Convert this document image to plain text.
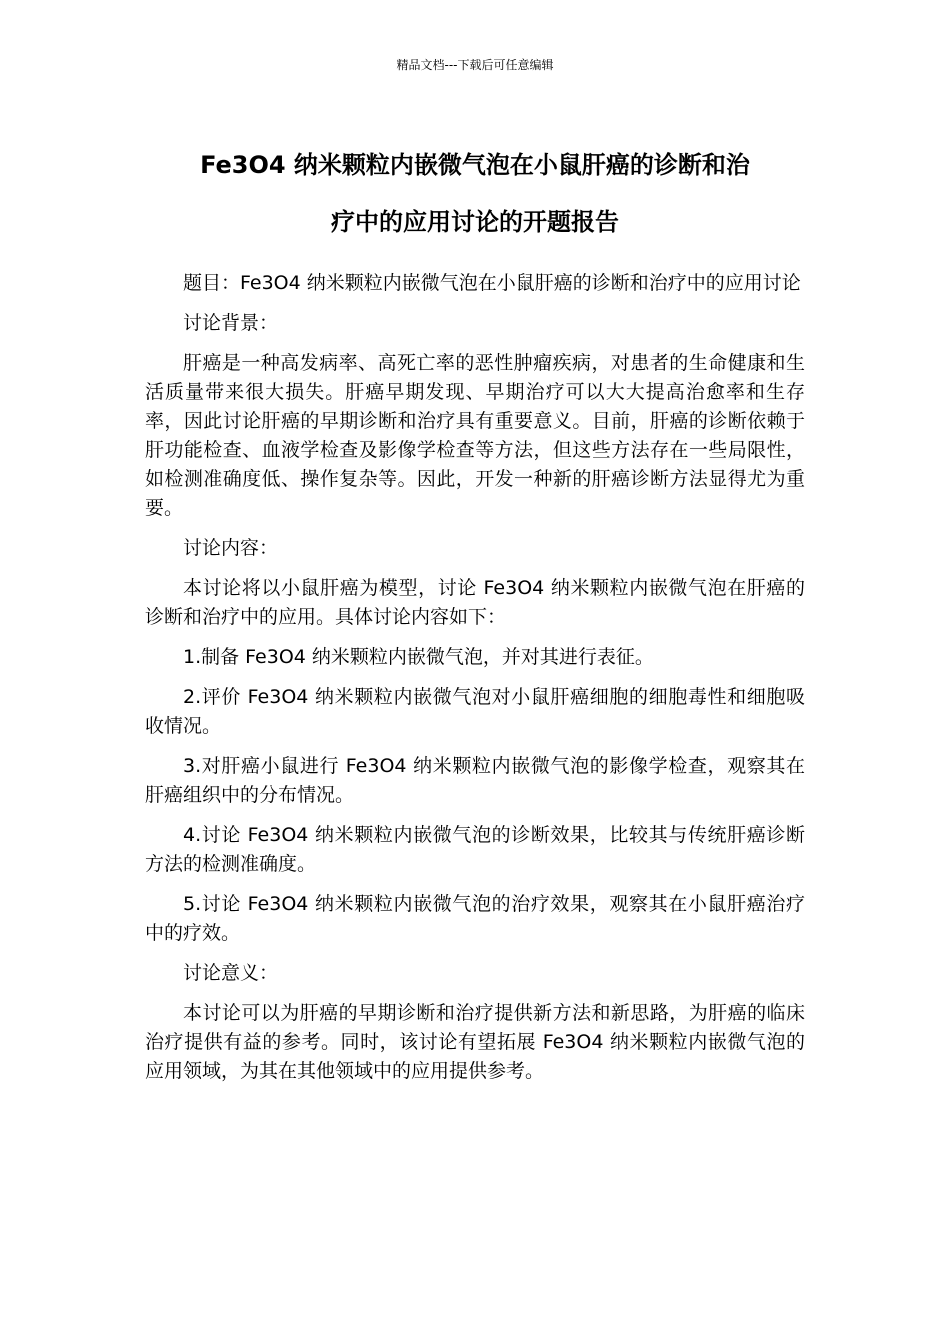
精品文档---下载后可任意编辑
Fe3O4 纳米颗粒内嵌微气泡在小鼠肝癌的诊断和治
疗中的应用讨论的开题报告

题目：Fe3O4 纳米颗粒内嵌微气泡在小鼠肝癌的诊断和治疗中的应用讨论

讨论背景：

肝癌是一种高发病率、高死亡率的恶性肿瘤疾病，对患者的生命健康和生活质量带来很大损失。肝癌早期发现、早期治疗可以大大提高治愈率和生存率，因此讨论肝癌的早期诊断和治疗具有重要意义。目前，肝癌的诊断依赖于肝功能检查、血液学检查及影像学检查等方法，但这些方法存在一些局限性，如检测准确度低、操作复杂等。因此，开发一种新的肝癌诊断方法显得尤为重要。

讨论内容：

本讨论将以小鼠肝癌为模型，讨论 Fe3O4 纳米颗粒内嵌微气泡在肝癌的诊断和治疗中的应用。具体讨论内容如下：

1.制备 Fe3O4 纳米颗粒内嵌微气泡，并对其进行表征。

2.评价 Fe3O4 纳米颗粒内嵌微气泡对小鼠肝癌细胞的细胞毒性和细胞吸收情况。

3.对肝癌小鼠进行 Fe3O4 纳米颗粒内嵌微气泡的影像学检查，观察其在肝癌组织中的分布情况。

4.讨论 Fe3O4 纳米颗粒内嵌微气泡的诊断效果，比较其与传统肝癌诊断方法的检测准确度。

5.讨论 Fe3O4 纳米颗粒内嵌微气泡的治疗效果，观察其在小鼠肝癌治疗中的疗效。

讨论意义：

本讨论可以为肝癌的早期诊断和治疗提供新方法和新思路，为肝癌的临床治疗提供有益的参考。同时，该讨论有望拓展 Fe3O4 纳米颗粒内嵌微气泡的应用领域，为其在其他领域中的应用提供参考。
